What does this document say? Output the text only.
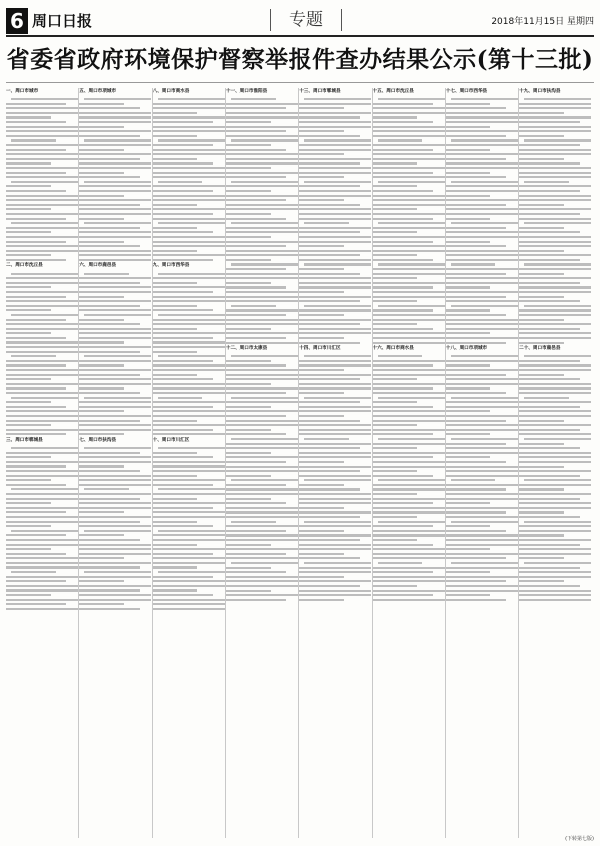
6 周口日报	专题	2018年11月15日 星期四
省委省政府环境保护督察举报件查办结果公示(第十三批)
一、周口市城市
二、周口市沈丘县
三、周口市郸城县
五、周口市项城市
六、周口市鹿邑县
七、周口市扶沟县
八、周口市商水县
九、周口市西华县
十、周口市川汇区
十一、周口市淮阳县
十二、周口市太康县
十三、周口市郸城县
十四、周口市川汇区
十五、周口市沈丘县
十六、周口市商水县
十七、周口市西华县
十八、周口市项城市
十九、周口市扶沟县
二十、周口市鹿邑县
(下转第七版)
